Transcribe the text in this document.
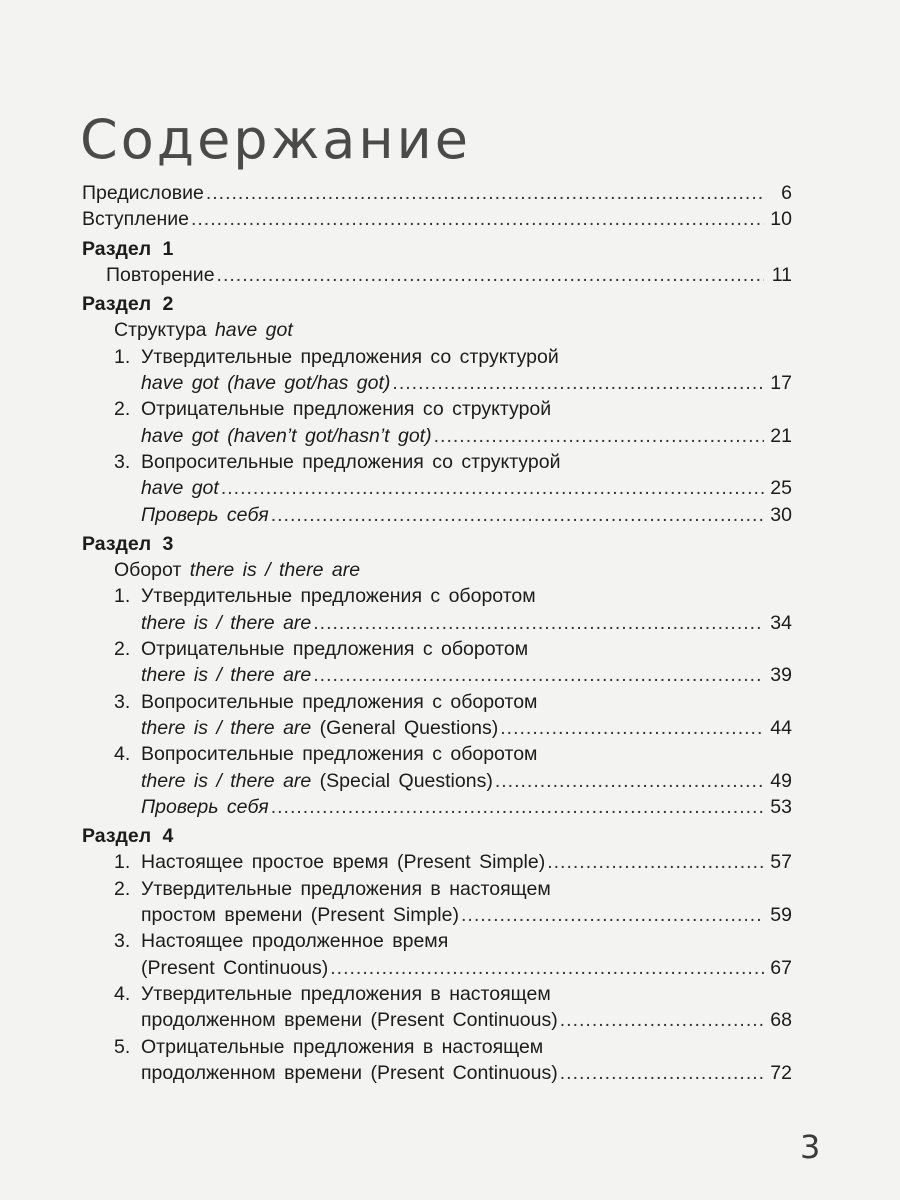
Содержание
Предисловие .....	6
Вступление .....	10
Раздел 1
Повторение .....	11
Раздел 2
Структура have got
1. Утвердительные предложения со структурой
have got (have got/has got) .....	17
2. Отрицательные предложения со структурой
have got (haven’t got/hasn’t got) .....	21
3. Вопросительные предложения со структурой
have got .....	25
Проверь себя .....	30
Раздел 3
Оборот there is / there are
1. Утвердительные предложения с оборотом
there is / there are .....	34
2. Отрицательные предложения с оборотом
there is / there are .....	39
3. Вопросительные предложения с оборотом
there is / there are (General Questions) .....	44
4. Вопросительные предложения с оборотом
there is / there are (Special Questions) .....	49
Проверь себя .....	53
Раздел 4
1. Настоящее простое время (Present Simple) .....	57
2. Утвердительные предложения в настоящем
простом времени (Present Simple) .....	59
3. Настоящее продолженное время
(Present Continuous) .....	67
4. Утвердительные предложения в настоящем
продолженном времени (Present Continuous) .....	68
5. Отрицательные предложения в настоящем
продолженном времени (Present Continuous) .....	72
3
